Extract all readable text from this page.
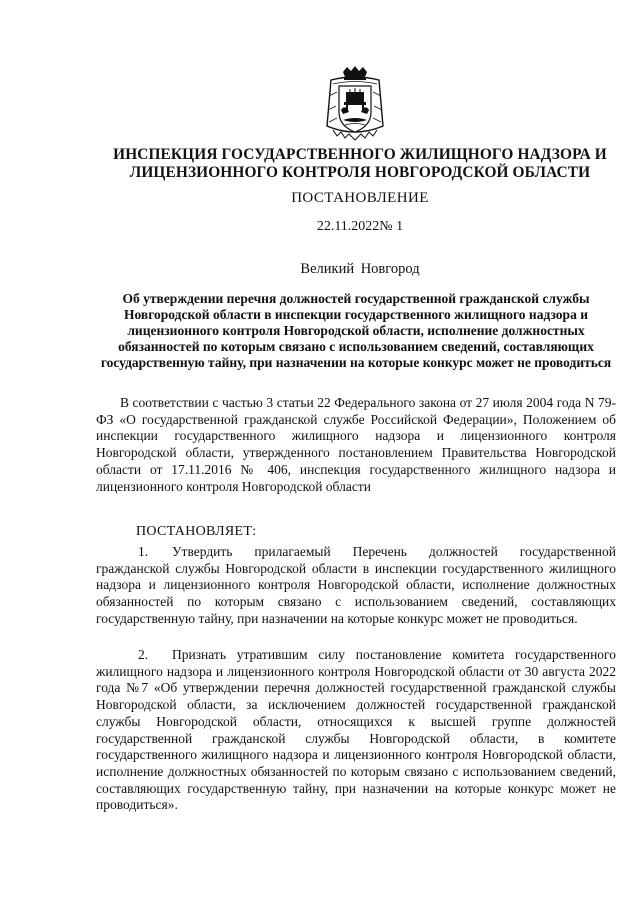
ИНСПЕКЦИЯ ГОСУДАРСТВЕННОГО ЖИЛИЩНОГО НАДЗОРА И
ЛИЦЕНЗИОННОГО КОНТРОЛЯ НОВГОРОДСКОЙ ОБЛАСТИ
ПОСТАНОВЛЕНИЕ
22.11.2022№ 1
Великий Новгород
Об утверждении перечня должностей государственной гражданской службы Новгородской области в инспекции государственного жилищного надзора и лицензионного контроля Новгородской области, исполнение должностных обязанностей по которым связано с использованием сведений, составляющих государственную тайну, при назначении на которые конкурс может не проводиться
В соответствии с частью 3 статьи 22 Федерального закона от 27 июля 2004 года N 79-ФЗ «О государственной гражданской службе Российской Федерации», Положением об инспекции государственного жилищного надзора и лицензионного контроля Новгородской области, утвержденного постановлением Правительства Новгородской области от 17.11.2016 № 406, инспекция государственного жилищного надзора и лицензионного контроля Новгородской области
ПОСТАНОВЛЯЕТ:
1. Утвердить прилагаемый Перечень должностей государственной гражданской службы Новгородской области в инспекции государственного жилищного надзора и лицензионного контроля Новгородской области, исполнение должностных обязанностей по которым связано с использованием сведений, составляющих государственную тайну, при назначении на которые конкурс может не проводиться.
2. Признать утратившим силу постановление комитета государственного жилищного надзора и лицензионного контроля Новгородской области от 30 августа 2022 года №7 «Об утверждении перечня должностей государственной гражданской службы Новгородской области, за исключением должностей государственной гражданской службы Новгородской области, относящихся к высшей группе должностей государственной гражданской службы Новгородской области, в комитете государственного жилищного надзора и лицензионного контроля Новгородской области, исполнение должностных обязанностей по которым связано с использованием сведений, составляющих государственную тайну, при назначении на которые конкурс может не проводиться».
